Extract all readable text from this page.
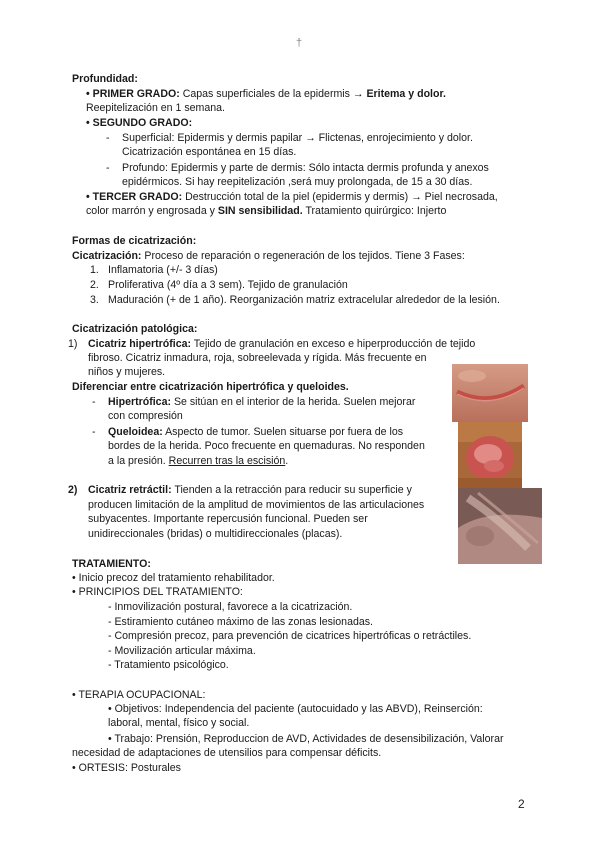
†
Profundidad:
• PRIMER GRADO: Capas superficiales de la epidermis → Eritema y dolor.
Reepitelización en 1 semana.
• SEGUNDO GRADO:
- Superficial: Epidermis y dermis papilar → Flictenas, enrojecimiento y dolor.
Cicatrización espontánea en 15 días.
- Profundo: Epidermis y parte de dermis: Sólo intacta dermis profunda y anexos
epidérmicos. Si hay reepitelización ,será muy prolongada, de 15 a 30 días.
• TERCER GRADO: Destrucción total de la piel (epidermis y dermis) → Piel necrosada,
color marrón y engrosada y SIN sensibilidad. Tratamiento quirúrgico: Injerto
Formas de cicatrización:
Cicatrización: Proceso de reparación o regeneración de los tejidos. Tiene 3 Fases:
1. Inflamatoria (+/- 3 días)
2. Proliferativa (4º día a 3 sem). Tejido de granulación
3. Maduración (+ de 1 año). Reorganización matriz extracelular alrededor de la lesión.
Cicatrización patológica:
1) Cicatriz hipertrófica: Tejido de granulación en exceso e hiperproducción de tejido
fibroso. Cicatriz inmadura, roja, sobreelevada y rígida. Más frecuente en
niños y mujeres.
Diferenciar entre cicatrización hipertrófica y queloides.
- Hipertrófica: Se sitúan en el interior de la herida. Suelen mejorar
con compresión
- Queloidea: Aspecto de tumor. Suelen situarse por fuera de los
bordes de la herida. Poco frecuente en quemaduras. No responden
a la presión. Recurren tras la escisión.
2) Cicatriz retráctil: Tienden a la retracción para reducir su superficie y
producen limitación de la amplitud de movimientos de las articulaciones
subyacentes. Importante repercusión funcional. Pueden ser
unidireccionales (bridas) o multidireccionales (placas).
TRATAMIENTO:
• Inicio precoz del tratamiento rehabilitador.
• PRINCIPIOS DEL TRATAMIENTO:
- Inmovilización postural, favorece a la cicatrización.
- Estiramiento cutáneo máximo de las zonas lesionadas.
- Compresión precoz, para prevención de cicatrices hipertróficas o retráctiles.
- Movilización articular máxima.
- Tratamiento psicológico.
• TERAPIA OCUPACIONAL:
• Objetivos: Independencia del paciente (autocuidado y las ABVD), Reinserción:
laboral, mental, físico y social.
• Trabajo: Prensión, Reproduccion de AVD, Actividades de desensibilización, Valorar
necesidad de adaptaciones de utensilios para compensar déficits.
• ORTESIS: Posturales
2
